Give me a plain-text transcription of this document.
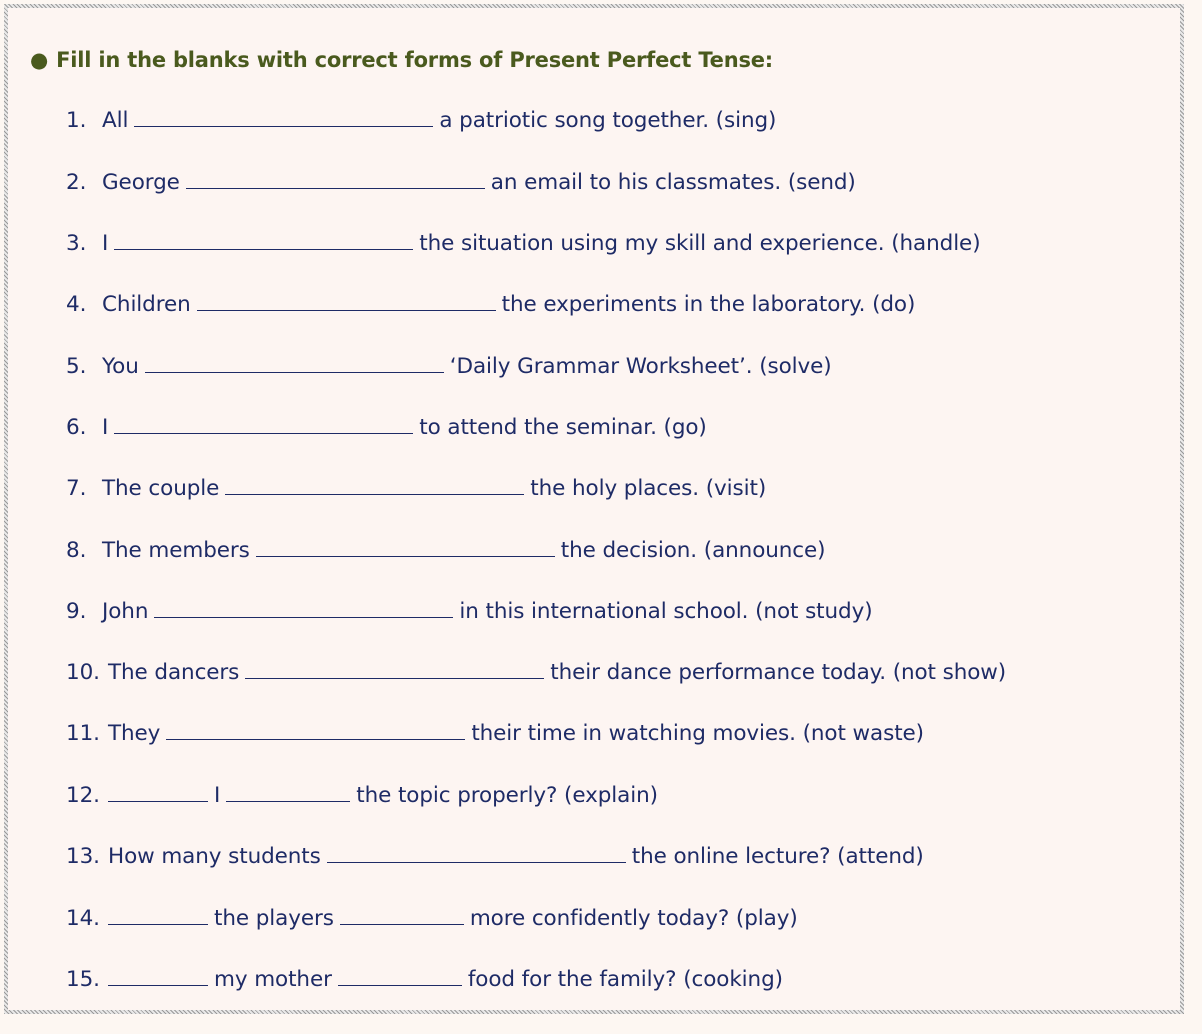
● Fill in the blanks with correct forms of Present Perfect Tense:
1. All	a patriotic song together. (sing)
2. George	an email to his classmates. (send)
3. I	the situation using my skill and experience. (handle)
4. Children	the experiments in the laboratory. (do)
5. You	‘Daily Grammar Worksheet’. (solve)
6. I	to attend the seminar. (go)
7. The couple	the holy places. (visit)
8. The members	the decision. (announce)
9. John	in this international school. (not study)
10. The dancers	their dance performance today. (not show)
11. They	their time in watching movies. (not waste)
12.	I	the topic properly? (explain)
13. How many students	the online lecture? (attend)
14.	the players	more confidently today? (play)
15.	my mother	food for the family? (cooking)
